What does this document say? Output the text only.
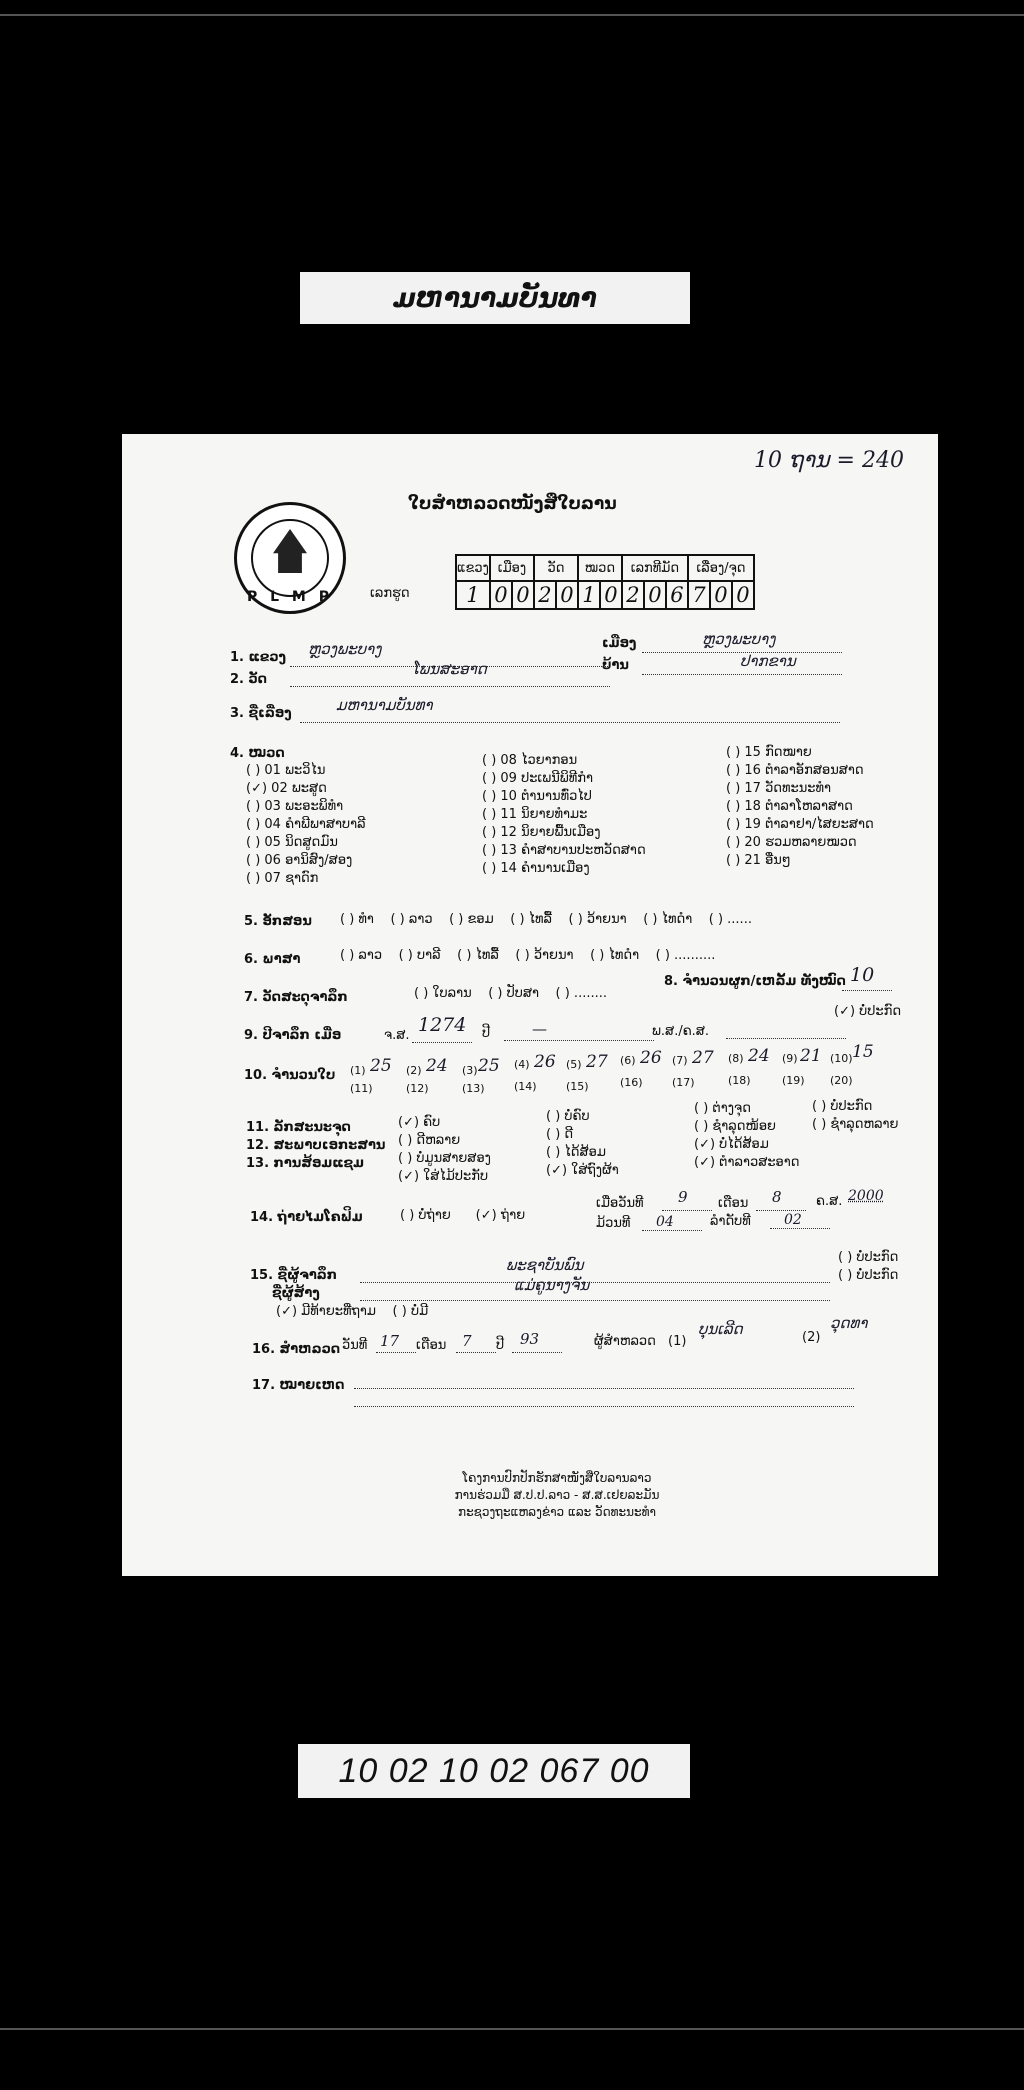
ມຫານາມບັນທາ
10 ຖານ = 240
P L M P
ໃບສຳຫລວດໜັງສືໃບລານ
ເລກຮູດ
ແຂວງ	ເມືອງ		ວັດ		ໝວດ		ເລກທີມັດ			ເລື່ອງ/ຈຸດ		
1	0	0	2	0	1	0	2	0	6	7	0	0
1. ແຂວງ ຫຼວງພະບາງ	ເມືອງ	ຫຼວງພະບາງ
2. ວັດ
ໂພນສະອາດ	ບ້ານ	ປາກຂານ
3. ຊື່ເລື່ອງ	ມຫານາມບັນທາ
4. ໝວດ
( ) 01 ພະວິໄນ
(✓) 02 ພະສູດ
( ) 03 ພະອະພິທຳ
( ) 04 ຄຳພີພາສາບາລີ
( ) 05 ນິດສູດມົນ
( ) 06 ອານິສົງ/ສອງ
( ) 07 ຊາດົກ
( ) 08 ໄວຍາກອນ
( ) 09 ປະເພນີພິທີກຳ
( ) 10 ຕຳນານທົ່ວໄປ
( ) 11 ນິຍາຍທຳມະ
( ) 12 ນິຍາຍພື້ນເມືອງ
( ) 13 ຄຳສາບານປະຫວັດສາດ
( ) 14 ຄຳນານເມືອງ
( ) 15 ກົດໝາຍ
( ) 16 ຕຳລາອັກສອນສາດ
( ) 17 ວັດທະນະທຳ
( ) 18 ຕຳລາໂຫລາສາດ
( ) 19 ຕຳລາຢາ/ໄສຍະສາດ
( ) 20 ຮວມຫລາຍໝວດ
( ) 21 ອື່ນໆ
5. ອັກສອນ ( ) ທຳ    ( ) ລາວ    ( ) ຂອມ    ( ) ໄທລື້    ( ) ວ້າຍນາ    ( ) ໄທດຳ    ( ) ......
6. ພາສາ	( ) ລາວ    ( ) ບາລີ    ( ) ໄທລື້    ( ) ວ້າຍນາ    ( ) ໄທດຳ    ( ) ..........
7. ວັດສະດຸຈາລຶກ	( ) ໃບລານ    ( ) ປັບສາ    ( ) ........
8. ຈຳນວນຜູກ/ເຫລັ້ມ ທັງໝົດ 10
9. ປີຈາລຶກ ເມື່ອ	ຈ.ສ. 1274 ປີ	—	ພ.ສ./ຄ.ສ.
(✓) ບໍ່ປະກົດ
10. ຈຳນວນໃບ (1) 25
(11)
(2) 24
(12)
(3) 25
(13)
(4) 26
(14)
(5) 27
(15)
(6) 26
(16)
(7) 27
(17)
(8) 24
(18)
(9) 21
(19)
(10) 15
(20)
11. ລັກສະນະຈຸດ
12. ສະພາບເອກະສານ
13. ການສ້ອມແຊມ
(✓) ຄົບ
( ) ດີຫລາຍ
( ) ບໍ່ມູນສາຍສອງ
(✓) ໃສ່ໄມ້ປະກັບ
( ) ບໍ່ຄົບ
( ) ດີ
( ) ໄດ້ສ້ອມ
(✓) ໃສ່ຖົງຜ້າ
( ) ຕ່າງຈຸດ
( ) ຊຳລຸດໜ້ອຍ
(✓) ບໍ່ໄດ້ສ້ອມ
(✓) ຕຳລາວສະອາດ
( ) ບໍ່ປະກົດ
( ) ຊຳລຸດຫລາຍ
14. ຖ່າຍໄມໂຄຟິມ	( ) ບໍ່ຖ່າຍ      (✓) ຖ່າຍ
ເມື່ອວັນທີ 9 ເດືອນ 8	ຄ.ສ. 2000
ມ້ວນທີ 04	ລຳດັບທີ 02
15. ຊື່ຜູ້ຈາລຶກ
ພະຊາບັນພົນ	( ) ບໍ່ປະກົດ
ຊື່ຜູ້ສ້າງ	ແມ່ຄູນາງຈັນ
( ) ບໍ່ປະກົດ
(✓) ມີທ້າຍະທີ່ຖາມ    ( ) ບໍ່ມີ
16. ສຳຫລວດ ວັນທີ 17 ເດືອນ 7 ປີ 93	ຜູ້ສຳຫລວດ (1)
ບຸນເລີດ	(2)
ວຸດທາ
17. ໝາຍເຫດ
ໂຄງການປົກປັກຮັກສາໜັງສືໃບລານລາວ
ການຮ່ວມມື ສ.ປ.ປ.ລາວ - ສ.ສ.ເຢຍລະມັນ
ກະຊວງຖະແຫລງຂ່າວ ແລະ ວັດທະນະທຳ
10 02 10 02 067 00
